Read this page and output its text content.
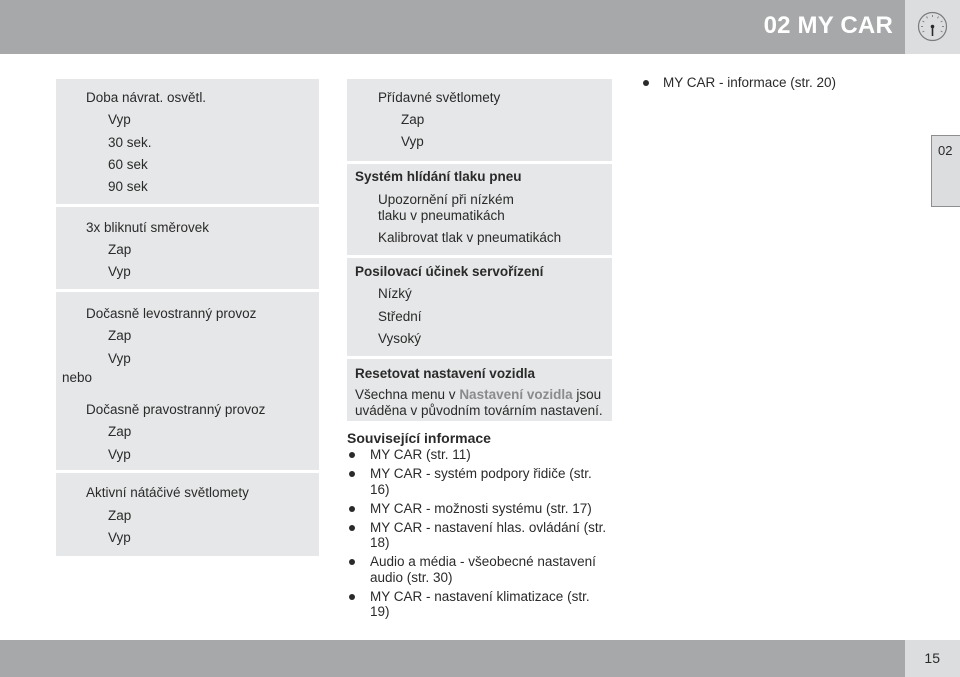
02 MY CAR
02
Doba návrat. osvětl.
Vyp
30 sek.
60 sek
90 sek
3x bliknutí směrovek
Zap
Vyp
Dočasně levostranný provoz
Zap
Vyp
Dočasně pravostranný provoz
Zap
Vyp
Aktivní nátáčivé světlomety
Zap
Vyp
nebo
Přídavné světlomety
Zap
Vyp
Systém hlídání tlaku pneu
Upozornění při nízkém
tlaku v pneumatikách
Kalibrovat tlak v pneumatikách
Posilovací účinek servořízení
Nízký
Střední
Vysoký
Resetovat nastavení vozidla
Všechna menu v Nastavení vozidla jsou
uváděna v původním továrním nastavení.
Související informace
MY CAR (str. 11)
MY CAR - systém podpory řidiče (str. 16)
MY CAR - možnosti systému (str. 17)
MY CAR - nastavení hlas. ovládání (str. 18)
Audio a média - všeobecné nastavení audio (str. 30)
MY CAR - nastavení klimatizace (str. 19)
MY CAR - informace (str. 20)
15
